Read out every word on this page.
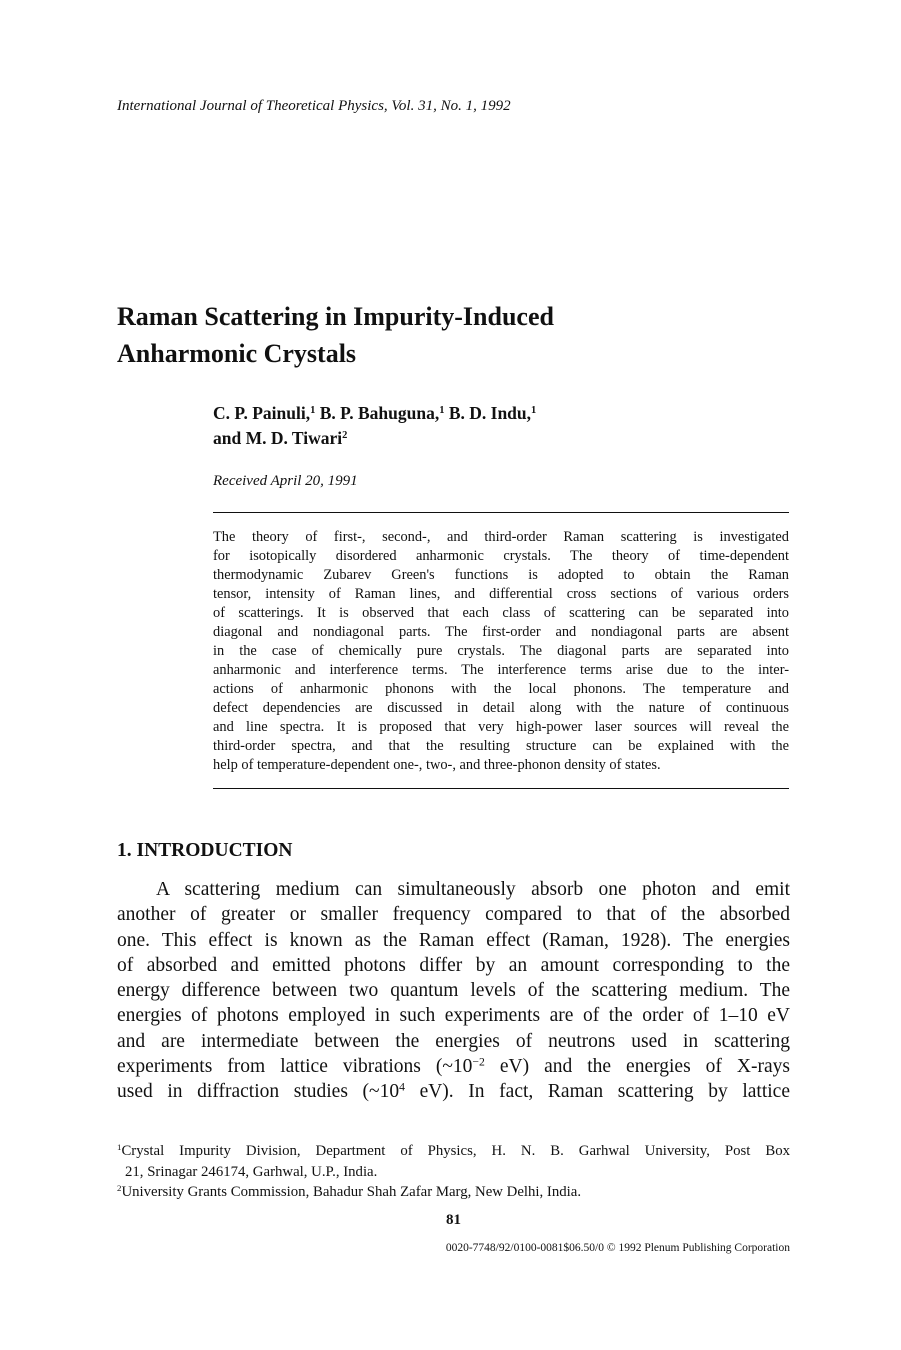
International Journal of Theoretical Physics, Vol. 31, No. 1, 1992
Raman Scattering in Impurity-Induced
Anharmonic Crystals
C. P. Painuli,$^1$ B. P. Bahuguna,$^1$ B. D. Indu,$^1$
and M. D. Tiwari$^2$
Received April 20, 1991
The theory of first-, second-, and third-order Raman scattering is investigated
for isotopically disordered anharmonic crystals. The theory of time-dependent
thermodynamic Zubarev Green's functions is adopted to obtain the Raman
tensor, intensity of Raman lines, and differential cross sections of various orders
of scatterings. It is observed that each class of scattering can be separated into
diagonal and nondiagonal parts. The first-order and nondiagonal parts are absent
in the case of chemically pure crystals. The diagonal parts are separated into
anharmonic and interference terms. The interference terms arise due to the inter-
actions of anharmonic phonons with the local phonons. The temperature and
defect dependencies are discussed in detail along with the nature of continuous
and line spectra. It is proposed that very high-power laser sources will reveal the
third-order spectra, and that the resulting structure can be explained with the
help of temperature-dependent one-, two-, and three-phonon density of states.
1. INTRODUCTION
A scattering medium can simultaneously absorb one photon and emit
another of greater or smaller frequency compared to that of the absorbed
one. This effect is known as the Raman effect (Raman, 1928). The energies
of absorbed and emitted photons differ by an amount corresponding to the
energy difference between two quantum levels of the scattering medium. The
energies of photons employed in such experiments are of the order of 1–10 eV
and are intermediate between the energies of neutrons used in scattering
experiments from lattice vibrations ($\sim 10^{-2}$ eV) and the energies of X-rays
used in diffraction studies ($\sim 10^4$ eV). In fact, Raman scattering by lattice
$^1$Crystal Impurity Division, Department of Physics, H. N. B. Garhwal University, Post Box
21, Srinagar 246174, Garhwal, U.P., India.
$^2$University Grants Commission, Bahadur Shah Zafar Marg, New Delhi, India.
81
0020-7748/92/0100-0081$06.50/0 © 1992 Plenum Publishing Corporation
